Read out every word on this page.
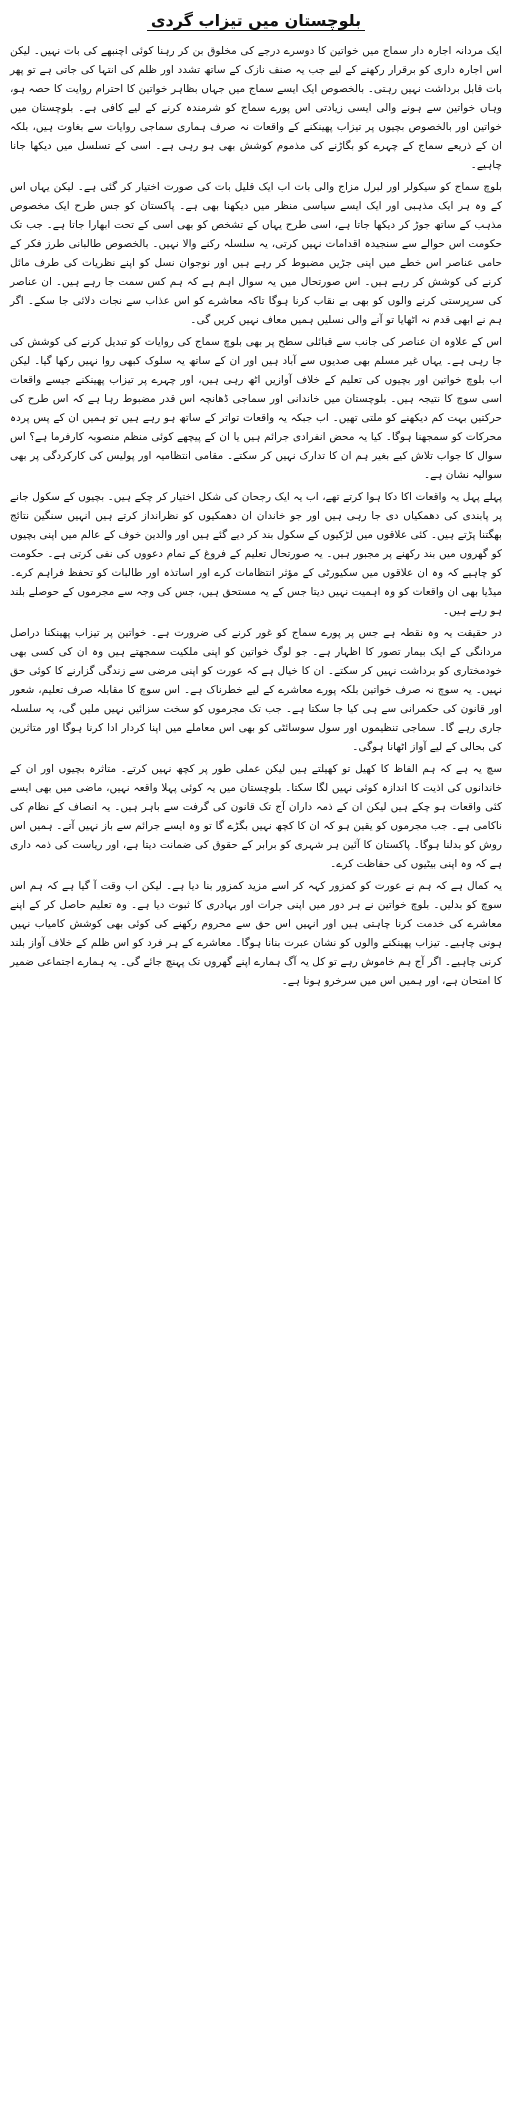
بلوچستان میں تیزاب گردی

ایک مردانہ اجارہ دار سماج میں خواتین کا دوسرے درجے کی مخلوق بن کر رہنا کوئی اچنبھے کی بات نہیں۔ لیکن اس اجارہ داری کو برقرار رکھنے کے لیے جب یہ صنف نازک کے ساتھ تشدد اور ظلم کی انتہا کی جاتی ہے تو پھر بات قابل برداشت نہیں رہتی۔ بالخصوص ایک ایسے سماج میں جہاں بظاہر خواتین کا احترام روایت کا حصہ ہو، وہاں خواتین سے ہونے والی ایسی زیادتی اس پورے سماج کو شرمندہ کرنے کے لیے کافی ہے۔ بلوچستان میں خواتین اور بالخصوص بچیوں پر تیزاب پھینکنے کے واقعات نہ صرف ہماری سماجی روایات سے بغاوت ہیں، بلکہ ان کے ذریعے سماج کے چہرے کو بگاڑنے کی مذموم کوشش بھی ہو رہی ہے۔ اسی کے تسلسل میں دیکھا جانا چاہیے۔

بلوچ سماج کو سیکولر اور لبرل مزاج والی بات اب ایک قلیل بات کی صورت اختیار کر گئی ہے۔ لیکن یہاں اس کے وہ ہر ایک مذہبی اور ایک ایسے سیاسی منظر میں دیکھنا بھی ہے۔ پاکستان کو جس طرح ایک مخصوص مذہب کے ساتھ جوڑ کر دیکھا جاتا ہے، اسی طرح یہاں کے تشخص کو بھی اسی کے تحت ابھارا جاتا ہے۔ جب تک حکومت اس حوالے سے سنجیدہ اقدامات نہیں کرتی، یہ سلسلہ رکنے والا نہیں۔ بالخصوص طالبانی طرز فکر کے حامی عناصر اس خطے میں اپنی جڑیں مضبوط کر رہے ہیں اور نوجوان نسل کو اپنے نظریات کی طرف مائل کرنے کی کوشش کر رہے ہیں۔ اس صورتحال میں یہ سوال اہم ہے کہ ہم کس سمت جا رہے ہیں۔ ان عناصر کی سرپرستی کرنے والوں کو بھی بے نقاب کرنا ہوگا تاکہ معاشرے کو اس عذاب سے نجات دلائی جا سکے۔ اگر ہم نے ابھی قدم نہ اٹھایا تو آنے والی نسلیں ہمیں معاف نہیں کریں گی۔

اس کے علاوہ ان عناصر کی جانب سے قبائلی سطح پر بھی بلوچ سماج کی روایات کو تبدیل کرنے کی کوشش کی جا رہی ہے۔ یہاں غیر مسلم بھی صدیوں سے آباد ہیں اور ان کے ساتھ یہ سلوک کبھی روا نہیں رکھا گیا۔ لیکن اب بلوچ خواتین اور بچیوں کی تعلیم کے خلاف آوازیں اٹھ رہی ہیں، اور چہرے پر تیزاب پھینکنے جیسے واقعات اسی سوچ کا نتیجہ ہیں۔ بلوچستان میں خاندانی اور سماجی ڈھانچہ اس قدر مضبوط رہا ہے کہ اس طرح کی حرکتیں بہت کم دیکھنے کو ملتی تھیں۔ اب جبکہ یہ واقعات تواتر کے ساتھ ہو رہے ہیں تو ہمیں ان کے پس پردہ محرکات کو سمجھنا ہوگا۔ کیا یہ محض انفرادی جرائم ہیں یا ان کے پیچھے کوئی منظم منصوبہ کارفرما ہے؟ اس سوال کا جواب تلاش کیے بغیر ہم ان کا تدارک نہیں کر سکتے۔ مقامی انتظامیہ اور پولیس کی کارکردگی پر بھی سوالیہ نشان ہے۔

پہلے پہل یہ واقعات اکا دکا ہوا کرتے تھے، اب یہ ایک رجحان کی شکل اختیار کر چکے ہیں۔ بچیوں کے سکول جانے پر پابندی کی دھمکیاں دی جا رہی ہیں اور جو خاندان ان دھمکیوں کو نظرانداز کرتے ہیں انہیں سنگین نتائج بھگتنا پڑتے ہیں۔ کئی علاقوں میں لڑکیوں کے سکول بند کر دیے گئے ہیں اور والدین خوف کے عالم میں اپنی بچیوں کو گھروں میں بند رکھنے پر مجبور ہیں۔ یہ صورتحال تعلیم کے فروغ کے تمام دعووں کی نفی کرتی ہے۔ حکومت کو چاہیے کہ وہ ان علاقوں میں سکیورٹی کے مؤثر انتظامات کرے اور اساتذہ اور طالبات کو تحفظ فراہم کرے۔ میڈیا بھی ان واقعات کو وہ اہمیت نہیں دیتا جس کے یہ مستحق ہیں، جس کی وجہ سے مجرموں کے حوصلے بلند ہو رہے ہیں۔

در حقیقت یہ وہ نقطہ ہے جس پر پورے سماج کو غور کرنے کی ضرورت ہے۔ خواتین پر تیزاب پھینکنا دراصل مردانگی کے ایک بیمار تصور کا اظہار ہے۔ جو لوگ خواتین کو اپنی ملکیت سمجھتے ہیں وہ ان کی کسی بھی خودمختاری کو برداشت نہیں کر سکتے۔ ان کا خیال ہے کہ عورت کو اپنی مرضی سے زندگی گزارنے کا کوئی حق نہیں۔ یہ سوچ نہ صرف خواتین بلکہ پورے معاشرے کے لیے خطرناک ہے۔ اس سوچ کا مقابلہ صرف تعلیم، شعور اور قانون کی حکمرانی سے ہی کیا جا سکتا ہے۔ جب تک مجرموں کو سخت سزائیں نہیں ملیں گی، یہ سلسلہ جاری رہے گا۔ سماجی تنظیموں اور سول سوسائٹی کو بھی اس معاملے میں اپنا کردار ادا کرنا ہوگا اور متاثرین کی بحالی کے لیے آواز اٹھانا ہوگی۔

سچ یہ ہے کہ ہم الفاظ کا کھیل تو کھیلتے ہیں لیکن عملی طور پر کچھ نہیں کرتے۔ متاثرہ بچیوں اور ان کے خاندانوں کی اذیت کا اندازہ کوئی نہیں لگا سکتا۔ بلوچستان میں یہ کوئی پہلا واقعہ نہیں، ماضی میں بھی ایسے کئی واقعات ہو چکے ہیں لیکن ان کے ذمہ داران آج تک قانون کی گرفت سے باہر ہیں۔ یہ انصاف کے نظام کی ناکامی ہے۔ جب مجرموں کو یقین ہو کہ ان کا کچھ نہیں بگڑے گا تو وہ ایسے جرائم سے باز نہیں آتے۔ ہمیں اس روش کو بدلنا ہوگا۔ پاکستان کا آئین ہر شہری کو برابر کے حقوق کی ضمانت دیتا ہے، اور ریاست کی ذمہ داری ہے کہ وہ اپنی بیٹیوں کی حفاظت کرے۔

یہ کمال ہے کہ ہم نے عورت کو کمزور کہہ کر اسے مزید کمزور بنا دیا ہے۔ لیکن اب وقت آ گیا ہے کہ ہم اس سوچ کو بدلیں۔ بلوچ خواتین نے ہر دور میں اپنی جرات اور بہادری کا ثبوت دیا ہے۔ وہ تعلیم حاصل کر کے اپنے معاشرے کی خدمت کرنا چاہتی ہیں اور انہیں اس حق سے محروم رکھنے کی کوئی بھی کوشش کامیاب نہیں ہونی چاہیے۔ تیزاب پھینکنے والوں کو نشان عبرت بنانا ہوگا۔ معاشرے کے ہر فرد کو اس ظلم کے خلاف آواز بلند کرنی چاہیے۔ اگر آج ہم خاموش رہے تو کل یہ آگ ہمارے اپنے گھروں تک پہنچ جائے گی۔ یہ ہمارے اجتماعی ضمیر کا امتحان ہے، اور ہمیں اس میں سرخرو ہونا ہے۔
